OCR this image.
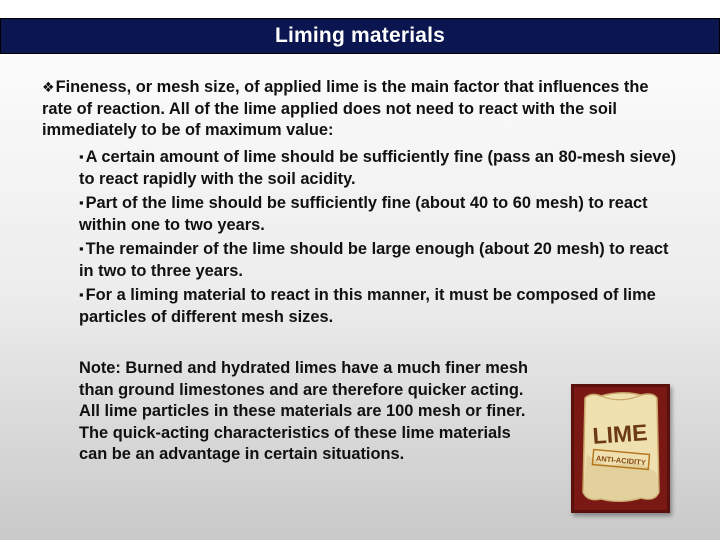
Liming materials
❖Fineness, or mesh size, of applied lime is the main factor that influences the rate of reaction. All of the lime applied does not need to react with the soil immediately to be of maximum value:
▪ A certain amount of lime should be sufficiently fine (pass an 80-mesh sieve) to react rapidly with the soil acidity.
▪ Part of the lime should be sufficiently fine (about 40 to 60 mesh) to react within one to two years.
▪ The remainder of the lime should be large enough (about 20 mesh) to react in two to three years.
▪ For a liming material to react in this manner, it must be composed of lime particles of different mesh sizes.
Note: Burned and hydrated limes have a much finer mesh than ground limestones and are therefore quicker acting. All lime particles in these materials are 100 mesh or finer. The quick-acting characteristics of these lime materials can be an advantage in certain situations.
LIME
ANTI-ACIDITY
